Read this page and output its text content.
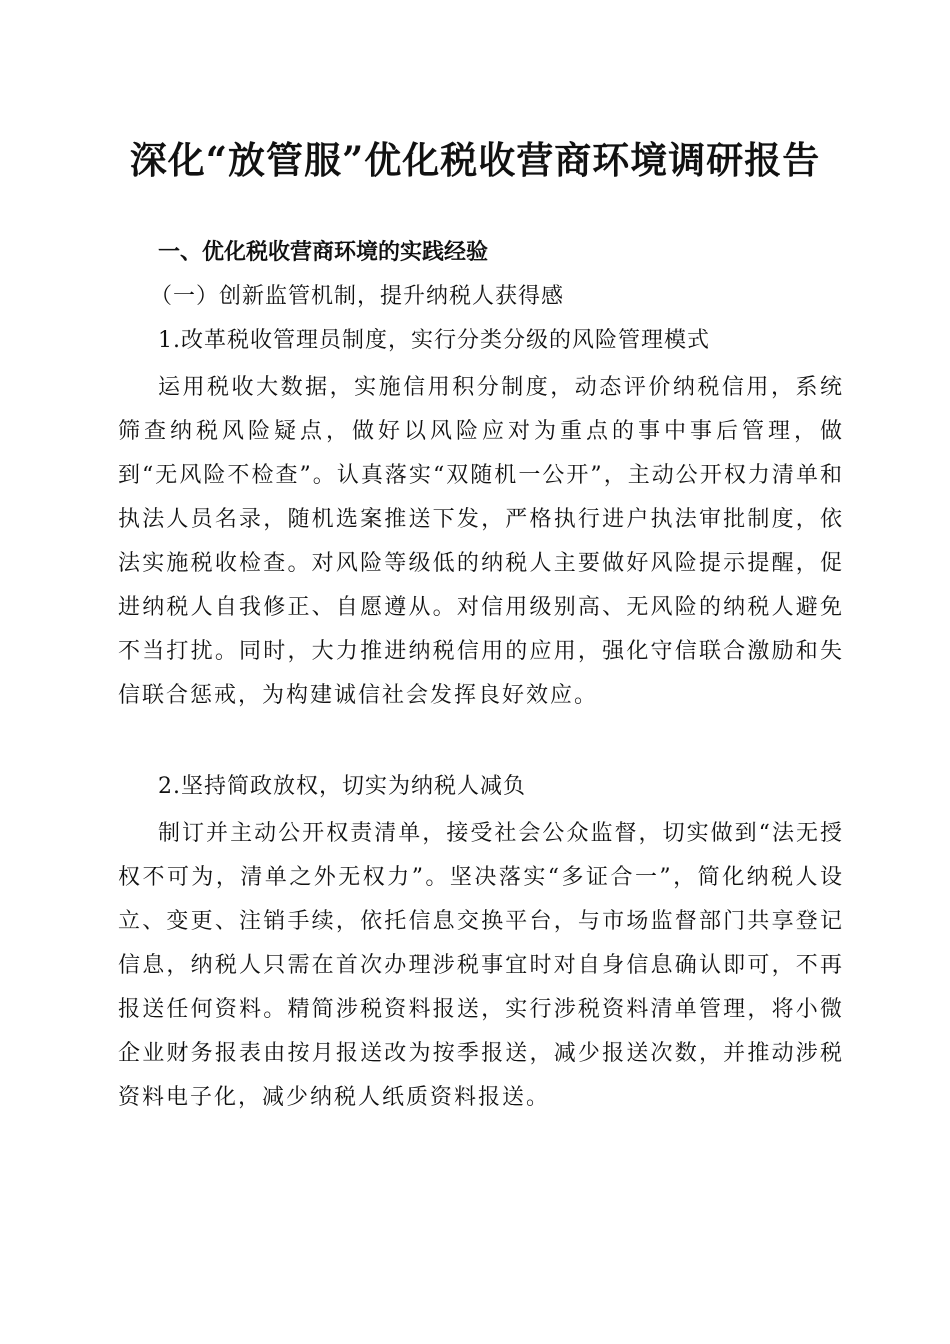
深化“放管服”优化税收营商环境调研报告
一、优化税收营商环境的实践经验
（一）创新监管机制，提升纳税人获得感
1.改革税收管理员制度，实行分类分级的风险管理模式
运用税收大数据，实施信用积分制度，动态评价纳税信用，系统筛查纳税风险疑点，做好以风险应对为重点的事中事后管理，做到“无风险不检查”。认真落实“双随机一公开”，主动公开权力清单和执法人员名录，随机选案推送下发，严格执行进户执法审批制度，依法实施税收检查。对风险等级低的纳税人主要做好风险提示提醒，促进纳税人自我修正、自愿遵从。对信用级别高、无风险的纳税人避免不当打扰。同时，大力推进纳税信用的应用，强化守信联合激励和失信联合惩戒，为构建诚信社会发挥良好效应。
2.坚持简政放权，切实为纳税人减负
制订并主动公开权责清单，接受社会公众监督，切实做到“法无授权不可为，清单之外无权力”。坚决落实“多证合一”，简化纳税人设立、变更、注销手续，依托信息交换平台，与市场监督部门共享登记信息，纳税人只需在首次办理涉税事宜时对自身信息确认即可，不再报送任何资料。精简涉税资料报送，实行涉税资料清单管理，将小微企业财务报表由按月报送改为按季报送，减少报送次数，并推动涉税资料电子化，减少纳税人纸质资料报送。
